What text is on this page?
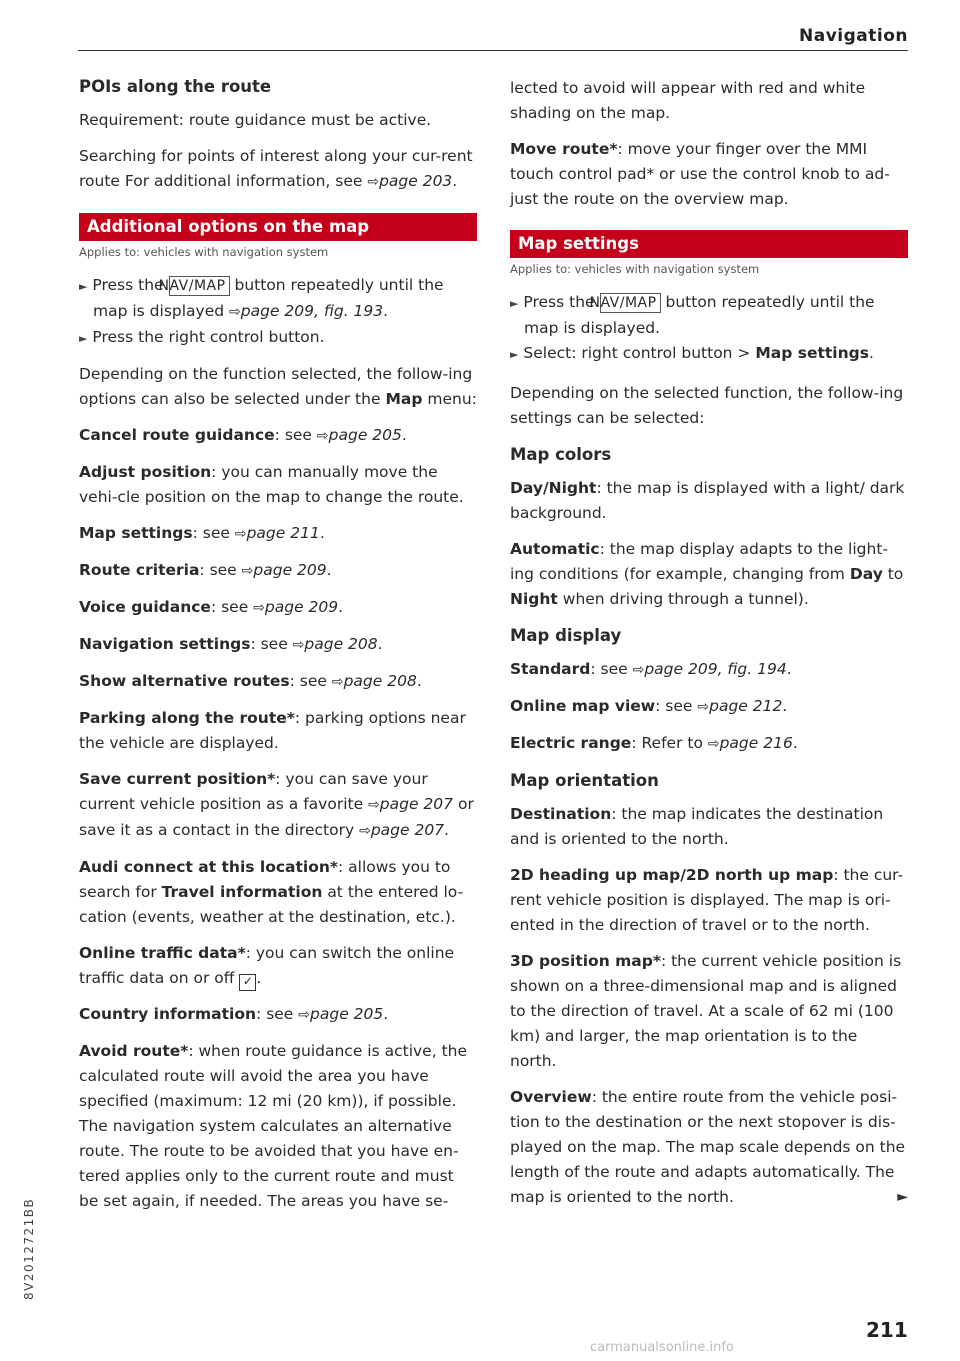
Navigation
POIs along the route

Requirement: route guidance must be active.

Searching for points of interest along your cur-rent route For additional information, see ⇨page 203.

Additional options on the map

Applies to: vehicles with navigation system

► Press the NAV/MAP button repeatedly until the map is displayed ⇨page 209, fig. 193.

► Press the right control button.

Depending on the function selected, the follow-ing options can also be selected under the Map menu:

Cancel route guidance: see ⇨page 205.

Adjust position: you can manually move the vehi-cle position on the map to change the route.

Map settings: see ⇨page 211.

Route criteria: see ⇨page 209.

Voice guidance: see ⇨page 209.

Navigation settings: see ⇨page 208.

Show alternative routes: see ⇨page 208.

Parking along the route*: parking options near the vehicle are displayed.

Save current position*: you can save your current vehicle position as a favorite ⇨page 207 or save it as a contact in the directory ⇨page 207.

Audi connect at this location*: allows you to search for Travel information at the entered lo-cation (events, weather at the destination, etc.).

Online traffic data*: you can switch the online traffic data on or off ✓ .

Country information: see ⇨page 205.

Avoid route*: when route guidance is active, the calculated route will avoid the area you have specified (maximum: 12 mi (20 km)), if possible. The navigation system calculates an alternative route. The route to be avoided that you have en-tered applies only to the current route and must be set again, if needed. The areas you have se-

lected to avoid will appear with red and white shading on the map.

Move route*: move your finger over the MMI touch control pad* or use the control knob to ad-just the route on the overview map.

Map settings

Applies to: vehicles with navigation system

► Press the NAV/MAP button repeatedly until the map is displayed.

► Select: right control button > Map settings.

Depending on the selected function, the follow-ing settings can be selected:

Map colors

Day/Night: the map is displayed with a light/ dark background.

Automatic: the map display adapts to the light-ing conditions (for example, changing from Day to Night when driving through a tunnel).

Map display

Standard: see ⇨page 209, fig. 194.

Online map view: see ⇨page 212.

Electric range: Refer to ⇨page 216.

Map orientation

Destination: the map indicates the destination and is oriented to the north.

2D heading up map/2D north up map: the cur-rent vehicle position is displayed. The map is ori-ented in the direction of travel or to the north.

3D position map*: the current vehicle position is shown on a three-dimensional map and is aligned to the direction of travel. At a scale of 62 mi (100 km) and larger, the map orientation is to the north.

Overview: the entire route from the vehicle posi-tion to the destination or the next stopover is dis-played on the map. The map scale depends on the length of the route and adapts automatically. The map is oriented to the north.	►

211
8V2012721BB
carmanualsonline.info
